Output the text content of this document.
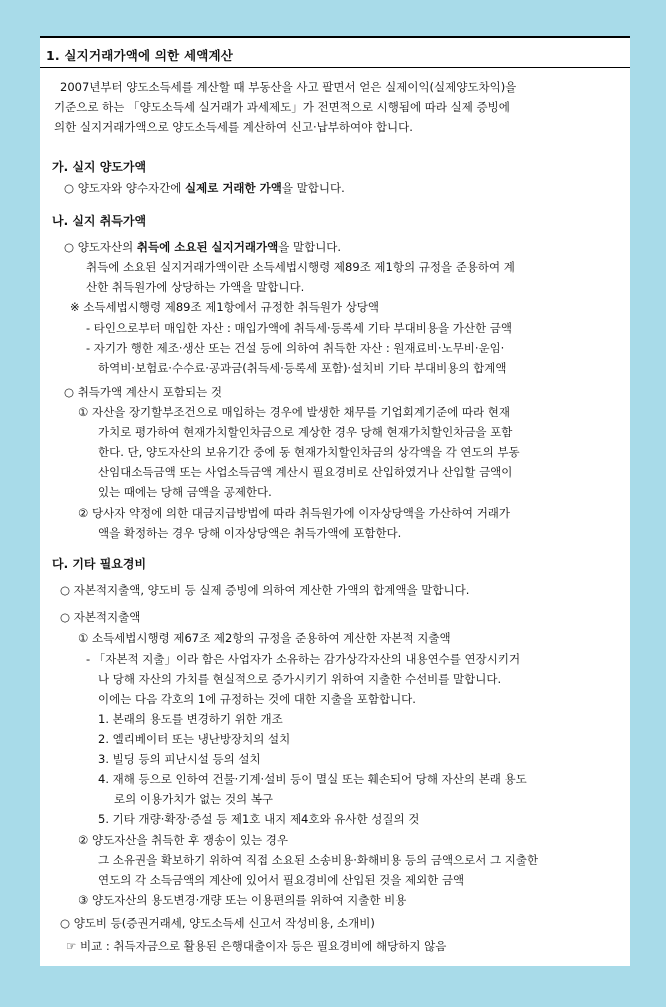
1. 실지거래가액에 의한 세액계산
2007년부터 양도소득세를 계산할 때 부동산을 사고 팔면서 얻은 실제이익(실제양도차익)을
기준으로 하는 「양도소득세 실거래가 과세제도」가 전면적으로 시행됨에 따라 실제 증빙에
의한 실지거래가액으로 양도소득세를 계산하여 신고·납부하여야 합니다.
가. 실지 양도가액
○ 양도자와 양수자간에 실제로 거래한 가액을 말합니다.
나. 실지 취득가액
○ 양도자산의 취득에 소요된 실지거래가액을 말합니다.
취득에 소요된 실지거래가액이란 소득세법시행령 제89조 제1항의 규정을 준용하여 계
산한 취득원가에 상당하는 가액을 말합니다.
※ 소득세법시행령 제89조 제1항에서 규정한 취득원가 상당액
- 타인으로부터 매입한 자산 : 매입가액에 취득세·등록세 기타 부대비용을 가산한 금액
- 자기가 행한 제조·생산 또는 건설 등에 의하여 취득한 자산 : 원재료비·노무비·운임·
하역비·보험료·수수료·공과금(취득세·등록세 포함)·설치비 기타 부대비용의 합계액
○ 취득가액 계산시 포함되는 것
① 자산을 장기할부조건으로 매입하는 경우에 발생한 채무를 기업회계기준에 따라 현재
가치로 평가하여 현재가치할인차금으로 계상한 경우 당해 현재가치할인차금을 포함
한다. 단, 양도자산의 보유기간 중에 동 현재가치할인차금의 상각액을 각 연도의 부동
산임대소득금액 또는 사업소득금액 계산시 필요경비로 산입하였거나 산입할 금액이
있는 때에는 당해 금액을 공제한다.
② 당사자 약정에 의한 대금지급방법에 따라 취득원가에 이자상당액을 가산하여 거래가
액을 확정하는 경우 당해 이자상당액은 취득가액에 포함한다.
다. 기타 필요경비
○ 자본적지출액, 양도비 등 실제 증빙에 의하여 계산한 가액의 합계액을 말합니다.
○ 자본적지출액
① 소득세법시행령 제67조 제2항의 규정을 준용하여 계산한 자본적 지출액
- 「자본적 지출」이라 함은 사업자가 소유하는 감가상각자산의 내용연수를 연장시키거
나 당해 자산의 가치를 현실적으로 증가시키기 위하여 지출한 수선비를 말합니다.
이에는 다음 각호의 1에 규정하는 것에 대한 지출을 포함합니다.
1. 본래의 용도를 변경하기 위한 개조
2. 엘리베이터 또는 냉난방장치의 설치
3. 빌딩 등의 피난시설 등의 설치
4. 재해 등으로 인하여 건물·기계·설비 등이 멸실 또는 훼손되어 당해 자산의 본래 용도
로의 이용가치가 없는 것의 복구
5. 기타 개량·확장·증설 등 제1호 내지 제4호와 유사한 성질의 것
② 양도자산을 취득한 후 쟁송이 있는 경우
그 소유권을 확보하기 위하여 직접 소요된 소송비용·화해비용 등의 금액으로서 그 지출한
연도의 각 소득금액의 계산에 있어서 필요경비에 산입된 것을 제외한 금액
③ 양도자산의 용도변경·개량 또는 이용편의를 위하여 지출한 비용
○ 양도비 등(증권거래세, 양도소득세 신고서 작성비용, 소개비)
☞ 비교 : 취득자금으로 활용된 은행대출이자 등은 필요경비에 해당하지 않음
